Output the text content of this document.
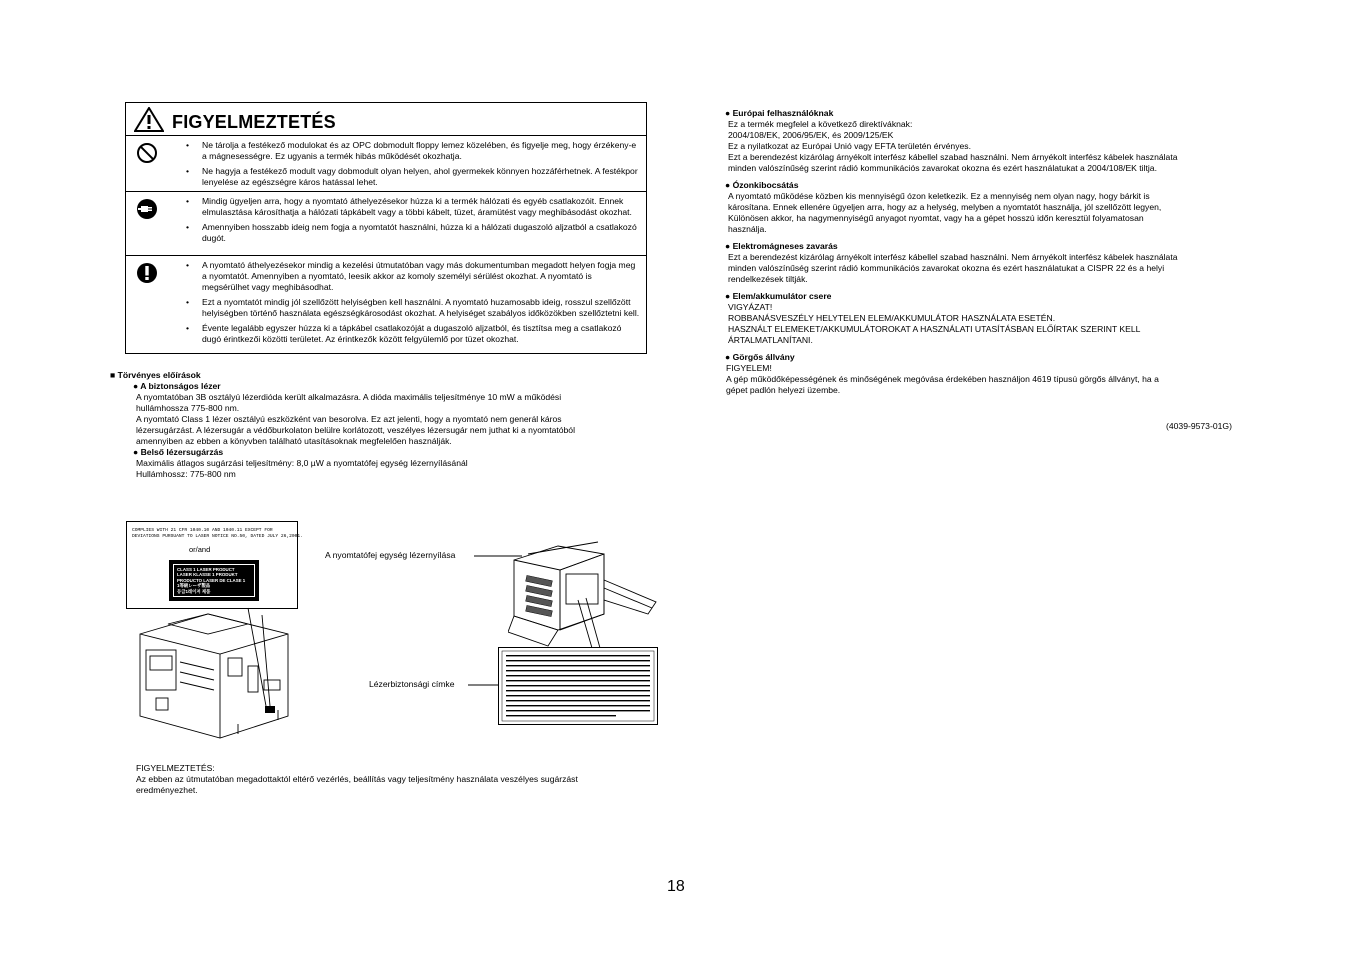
FIGYELMEZTETÉS
• Ne tárolja a festékező modulokat és az OPC dobmodult floppy lemez közelében, és figyelje meg, hogy érzékeny-e a mágnesességre. Ez ugyanis a termék hibás működését okozhatja.
• Ne hagyja a festékező modult vagy dobmodult olyan helyen, ahol gyermekek könnyen hozzáférhetnek. A festékpor lenyelése az egészségre káros hatással lehet.
• Mindig ügyeljen arra, hogy a nyomtató áthelyezésekor húzza ki a termék hálózati és egyéb csatlakozóit. Ennek elmulasztása károsíthatja a hálózati tápkábelt vagy a többi kábelt, tüzet, áramütést vagy meghibásodást okozhat.
• Amennyiben hosszabb ideig nem fogja a nyomtatót használni, húzza ki a hálózati dugaszoló aljzatból a csatlakozó dugót.
• A nyomtató áthelyezésekor mindig a kezelési útmutatóban vagy más dokumentumban megadott helyen fogja meg a nyomtatót. Amennyiben a nyomtató, leesik akkor az komoly személyi sérülést okozhat. A nyomtató is megsérülhet vagy meghibásodhat.
• Ezt a nyomtatót mindig jól szellőzött helyiségben kell használni. A nyomtató huzamosabb ideig, rosszul szellőzött helyiségben történő használata egészségkárosodást okozhat. A helyiséget szabályos időközökben szellőztetni kell.
• Évente legalább egyszer húzza ki a tápkábel csatlakozóját a dugaszoló aljzatból, és tisztítsa meg a csatlakozó dugó érintkezői közötti területet. Az érintkezők között felgyülemlő por tüzet okozhat.
■ Törvényes előírások
● A biztonságos lézer
A nyomtatóban 3B osztályú lézerdióda került alkalmazásra. A dióda maximális teljesítménye 10 mW a működési
hullámhossza 775-800 nm.
A nyomtató Class 1 lézer osztályú eszközként van besorolva. Ez azt jelenti, hogy a nyomtató nem generál káros
lézersugárzást. A lézersugár a védőburkolaton belülre korlátozott, veszélyes lézersugár nem juthat ki a nyomtatóból
amennyiben az ebben a könyvben található utasításoknak megfelelően használják.
● Belső lézersugárzás
Maximális átlagos sugárzási teljesítmény: 8,0 µW a nyomtatófej egység lézernyílásánál
Hullámhossz: 775-800 nm
COMPLIES WITH 21 CFR 1040.10 AND 1040.11 EXCEPT FOR
DEVIATIONS PURSUANT TO LASER NOTICE NO.50, DATED JULY 26,2001.
or/and
CLASS 1 LASER PRODUCT
LASER KLASSE 1 PRODUKT
PRODUCTO LASER DE CLASE 1
1等級レーザ製品
등급1레이저 제품
A nyomtatófej egység lézernyílása
Lézerbiztonsági címke
FIGYELMEZTETÉS:
Az ebben az útmutatóban megadottaktól eltérő vezérlés, beállítás vagy teljesítmény használata veszélyes sugárzást
eredményezhet.
● Európai felhasználóknak
Ez a termék megfelel a következő direktíváknak:
2004/108/EK, 2006/95/EK, és 2009/125/EK
Ez a nyilatkozat az Európai Unió vagy EFTA területén érvényes.
Ezt a berendezést kizárólag árnyékolt interfész kábellel szabad használni. Nem árnyékolt interfész kábelek használata
minden valószínűség szerint rádió kommunikációs zavarokat okozna és ezért használatukat a 2004/108/EK tiltja.
● Ózonkibocsátás
A nyomtató működése közben kis mennyiségű ózon keletkezik. Ez a mennyiség nem olyan nagy, hogy bárkit is
károsítana. Ennek ellenére ügyeljen arra, hogy az a helység, melyben a nyomtatót használja, jól szellőzött legyen,
Különösen akkor, ha nagymennyiségű anyagot nyomtat, vagy ha a gépet hosszú időn keresztül folyamatosan
használja.
● Elektromágneses zavarás
Ezt a berendezést kizárólag árnyékolt interfész kábellel szabad használni. Nem árnyékolt interfész kábelek használata
minden valószínűség szerint rádió kommunikációs zavarokat okozna és ezért használatukat a CISPR 22 és a helyi
rendelkezések tiltják.
● Elem/akkumulátor csere
VIGYÁZAT!
ROBBANÁSVESZÉLY HELYTELEN ELEM/AKKUMULÁTOR HASZNÁLATA ESETÉN.
HASZNÁLT ELEMEKET/AKKUMULÁTOROKAT A HASZNÁLATI UTASÍTÁSBAN ELŐÍRTAK SZERINT KELL
ÁRTALMATLANÍTANI.
● Görgős állvány
FIGYELEM!
A gép működőképességének és minőségének megóvása érdekében használjon 4619 típusú görgős állványt, ha a
gépet padlón helyezi üzembe.
(4039-9573-01G)
18
